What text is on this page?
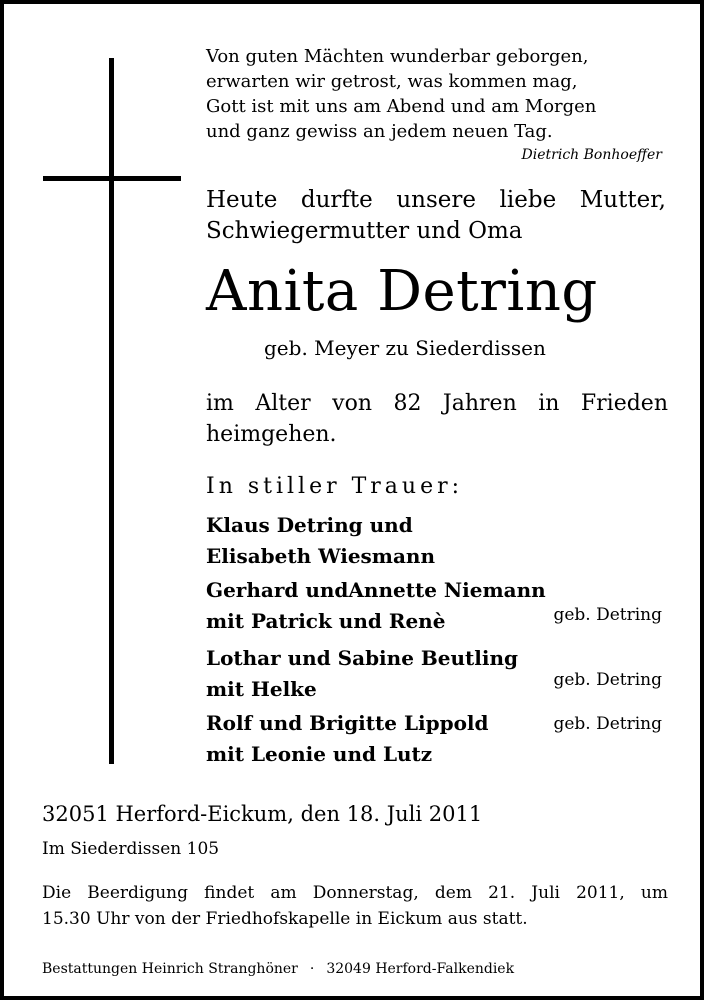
Von guten Mächten wunderbar geborgen,
erwarten wir getrost, was kommen mag,
Gott ist mit uns am Abend und am Morgen
und ganz gewiss an jedem neuen Tag.
Dietrich Bonhoeffer
Heute durfte unsere liebe Mutter,
Schwiegermutter und Oma
Anita Detring
geb. Meyer zu Siederdissen
im Alter von 82 Jahren in Frieden
heimgehen.
In stiller Trauer:
Klaus Detring und
Elisabeth Wiesmann
Gerhard undAnnette Niemann
mit Patrick und Renè	geb. Detring
Lothar und Sabine Beutling
mit Helke	geb. Detring
Rolf und Brigitte Lippold
mit Leonie und Lutz
geb. Detring
32051 Herford-Eickum, den 18. Juli 2011
Im Siederdissen 105
Die Beerdigung findet am Donnerstag, dem 21. Juli 2011, um
15.30 Uhr von der Friedhofskapelle in Eickum aus statt.
Bestattungen Heinrich Stranghöner · 32049 Herford-Falkendiek
